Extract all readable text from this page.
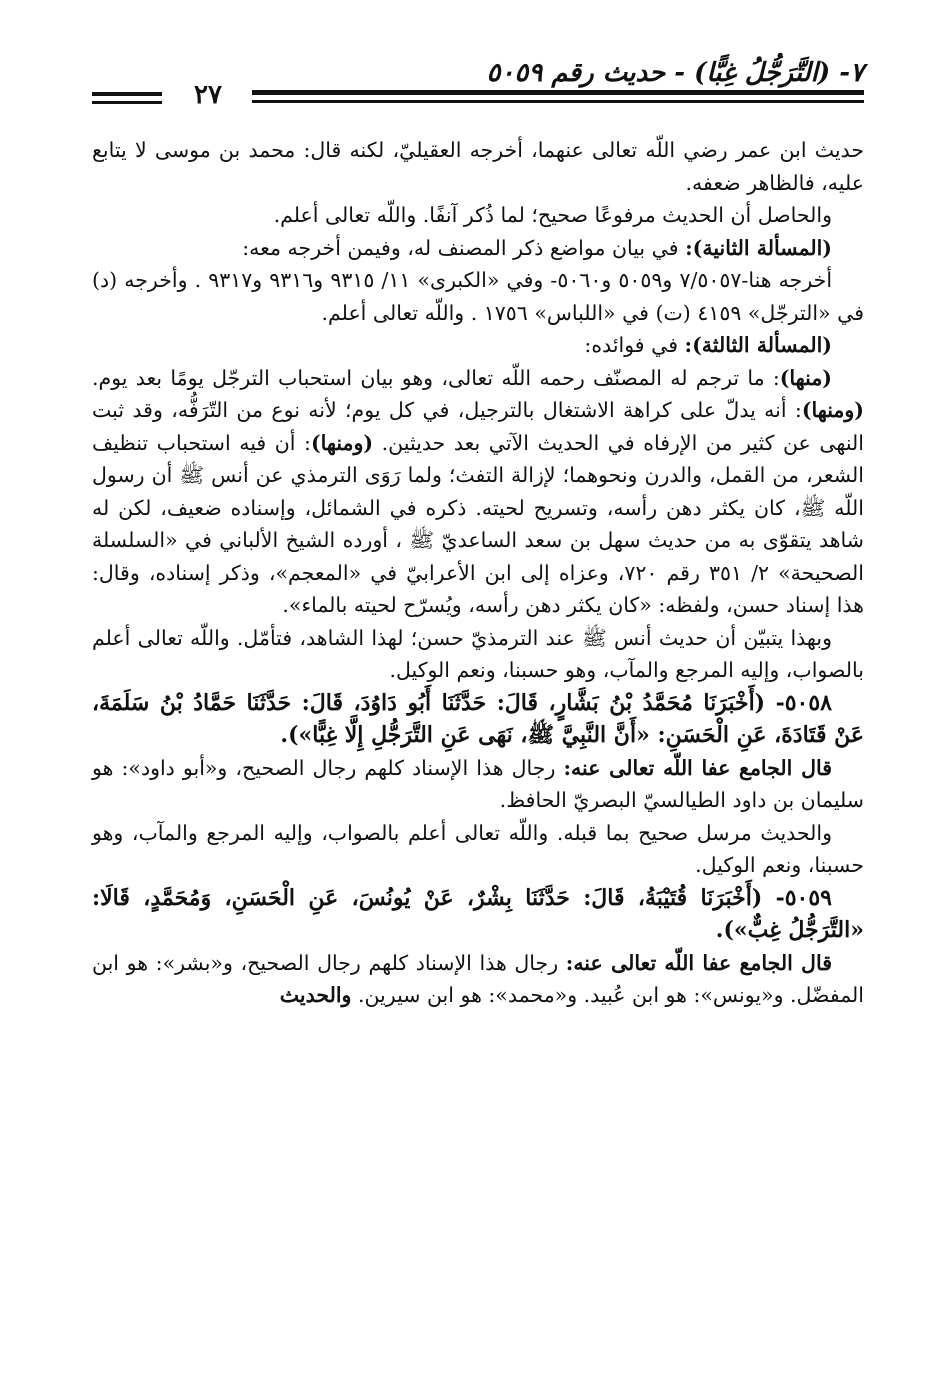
٧- (التَّرَجُّلُ غِبًّا) - حديث رقم ٥٠٥٩
٢٧

حديث ابن عمر رضي اللّه تعالى عنهما، أخرجه العقيليّ، لكنه قال: محمد بن موسى لا يتابع عليه، فالظاهر ضعفه.

والحاصل أن الحديث مرفوعًا صحيح؛ لما ذُكر آنفًا. واللّه تعالى أعلم.

(المسألة الثانية): في بيان مواضع ذكر المصنف له، وفيمن أخرجه معه:

أخرجه هنا-٧/٥٠٥٧ و٥٠٥٩ و٥٠٦٠- وفي «الكبرى» ١١/ ٩٣١٥ و٩٣١٦ و٩٣١٧ . وأخرجه (د) في «الترجّل» ٤١٥٩ (ت) في «اللباس» ١٧٥٦ . واللّه تعالى أعلم.

(المسألة الثالثة): في فوائده:

(منها): ما ترجم له المصنّف رحمه اللّه تعالى، وهو بيان استحباب الترجّل يومًا بعد يوم. (ومنها): أنه يدلّ على كراهة الاشتغال بالترجيل، في كل يوم؛ لأنه نوع من التّرَفُّه، وقد ثبت النهى عن كثير من الإرفاه في الحديث الآتي بعد حديثين. (ومنها): أن فيه استحباب تنظيف الشعر، من القمل، والدرن ونحوهما؛ لإزالة التفث؛ ولما رَوَى الترمذي عن أنس ﷺ أن رسول اللّه ﷺ، كان يكثر دهن رأسه، وتسريح لحيته. ذكره في الشمائل، وإسناده ضعيف، لكن له شاهد يتقوّى به من حديث سهل بن سعد الساعديّ ﷺ ، أورده الشيخ الألباني في «السلسلة الصحيحة» ٢/ ٣٥١ رقم ٧٢٠، وعزاه إلى ابن الأعرابيّ في «المعجم»، وذكر إسناده، وقال: هذا إسناد حسن، ولفظه: «كان يكثر دهن رأسه، ويُسرّح لحيته بالماء».

وبهذا يتبيّن أن حديث أنس ﷺ عند الترمذيّ حسن؛ لهذا الشاهد، فتأمّل. واللّه تعالى أعلم بالصواب، وإليه المرجع والمآب، وهو حسبنا، ونعم الوكيل.

٥٠٥٨- (أَخْبَرَنَا مُحَمَّدُ بْنُ بَشَّارٍ، قَالَ: حَدَّثَنَا أَبُو دَاوُدَ، قَالَ: حَدَّثَنَا حَمَّادُ بْنُ سَلَمَةَ، عَنْ قَتَادَةَ، عَنِ الْحَسَنِ: «أَنَّ النَّبِيَّ ﷺ، نَهَى عَنِ التَّرَجُّلِ إِلَّا غِبًّا»).

قال الجامع عفا اللّه تعالى عنه: رجال هذا الإسناد كلهم رجال الصحيح، و«أبو داود»: هو سليمان بن داود الطيالسيّ البصريّ الحافظ.

والحديث مرسل صحيح بما قبله. واللّه تعالى أعلم بالصواب، وإليه المرجع والمآب، وهو حسبنا، ونعم الوكيل.

٥٠٥٩- (أَخْبَرَنَا قُتَيْبَةُ، قَالَ: حَدَّثَنَا بِشْرٌ، عَنْ يُونُسَ، عَنِ الْحَسَنِ، وَمُحَمَّدٍ، قَالَا: «التَّرَجُّلُ غِبٌّ»).

قال الجامع عفا اللّه تعالى عنه: رجال هذا الإسناد كلهم رجال الصحيح، و«بشر»: هو ابن المفضّل. و«يونس»: هو ابن عُبيد. و«محمد»: هو ابن سيرين. والحديث
